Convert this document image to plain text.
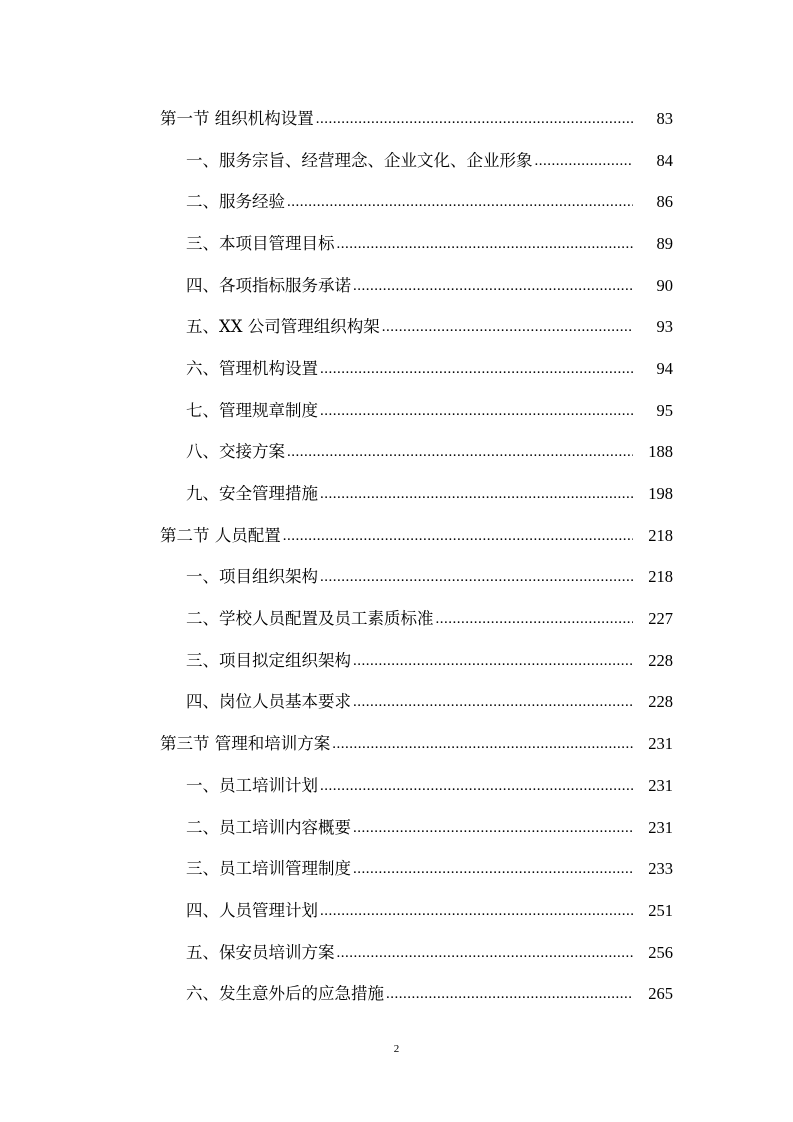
第一节 组织机构设置 .....	83
一、服务宗旨、经营理念、企业文化、企业形象 .....	84
二、服务经验 .....	86
三、本项目管理目标 .....	89
四、各项指标服务承诺 .....	90
五、XX 公司管理组织构架 .....	93
六、管理机构设置 .....	94
七、管理规章制度 .....	95
八、交接方案 .....	188
九、安全管理措施 .....	198
第二节 人员配置 .....	218
一、项目组织架构 .....	218
二、学校人员配置及员工素质标准 .....	227
三、项目拟定组织架构 .....	228
四、岗位人员基本要求 .....	228
第三节 管理和培训方案 .....	231
一、员工培训计划 .....	231
二、员工培训内容概要 .....	231
三、员工培训管理制度 .....	233
四、人员管理计划 .....	251
五、保安员培训方案 .....	256
六、发生意外后的应急措施 .....	265
2
